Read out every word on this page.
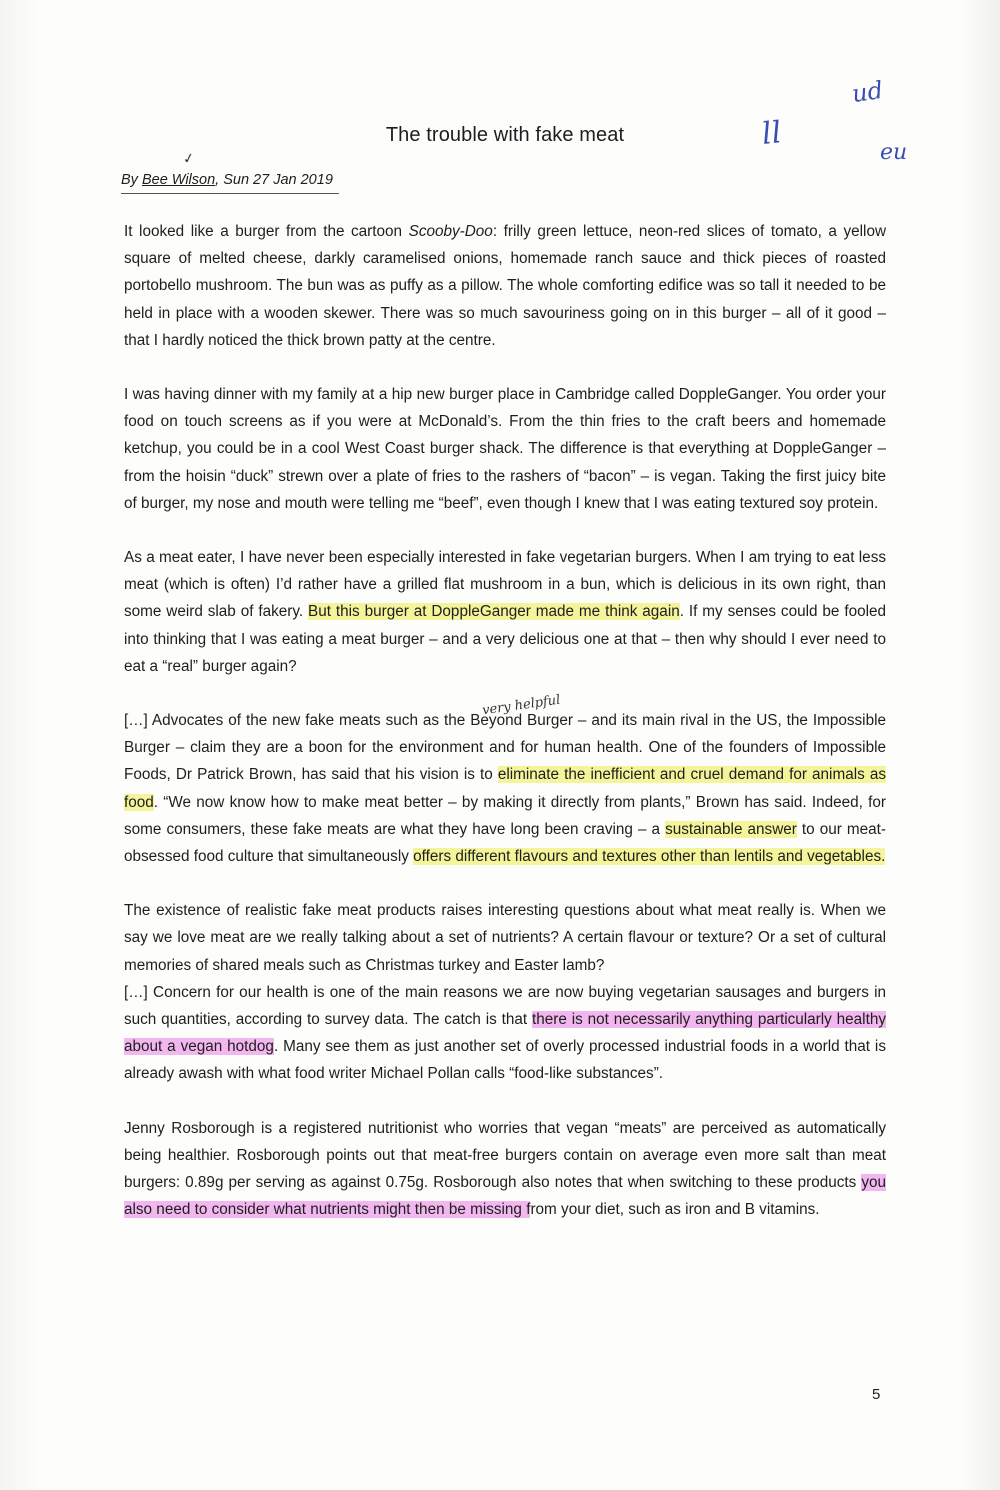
The trouble with fake meat
✓
By Bee Wilson, Sun 27 Jan 2019
ud
ll
eu
very helpful

It looked like a burger from the cartoon Scooby-Doo: frilly green lettuce, neon-red slices of tomato, a yellow square of melted cheese, darkly caramelised onions, homemade ranch sauce and thick pieces of roasted portobello mushroom. The bun was as puffy as a pillow. The whole comforting edifice was so tall it needed to be held in place with a wooden skewer. There was so much savouriness going on in this burger – all of it good – that I hardly noticed the thick brown patty at the centre.

I was having dinner with my family at a hip new burger place in Cambridge called DoppleGanger. You order your food on touch screens as if you were at McDonald’s. From the thin fries to the craft beers and homemade ketchup, you could be in a cool West Coast burger shack. The difference is that everything at DoppleGanger – from the hoisin “duck” strewn over a plate of fries to the rashers of “bacon” – is vegan. Taking the first juicy bite of burger, my nose and mouth were telling me “beef”, even though I knew that I was eating textured soy protein.

As a meat eater, I have never been especially interested in fake vegetarian burgers. When I am trying to eat less meat (which is often) I’d rather have a grilled flat mushroom in a bun, which is delicious in its own right, than some weird slab of fakery. But this burger at DoppleGanger made me think again. If my senses could be fooled into thinking that I was eating a meat burger – and a very delicious one at that – then why should I ever need to eat a “real” burger again?

[…] Advocates of the new fake meats such as the Beyond Burger – and its main rival in the US, the Impossible Burger – claim they are a boon for the environment and for human health. One of the founders of Impossible Foods, Dr Patrick Brown, has said that his vision is to eliminate the inefficient and cruel demand for animals as food. “We now know how to make meat better – by making it directly from plants,” Brown has said. Indeed, for some consumers, these fake meats are what they have long been craving – a sustainable answer to our meat-obsessed food culture that simultaneously offers different flavours and textures other than lentils and vegetables.

The existence of realistic fake meat products raises interesting questions about what meat really is. When we say we love meat are we really talking about a set of nutrients? A certain flavour or texture? Or a set of cultural memories of shared meals such as Christmas turkey and Easter lamb?

[…] Concern for our health is one of the main reasons we are now buying vegetarian sausages and burgers in such quantities, according to survey data. The catch is that there is not necessarily anything particularly healthy about a vegan hotdog. Many see them as just another set of overly processed industrial foods in a world that is already awash with what food writer Michael Pollan calls “food-like substances”.

Jenny Rosborough is a registered nutritionist who worries that vegan “meats” are perceived as automatically being healthier. Rosborough points out that meat-free burgers contain on average even more salt than meat burgers: 0.89g per serving as against 0.75g. Rosborough also notes that when switching to these products you also need to consider what nutrients might then be missing from your diet, such as iron and B vitamins.

5
